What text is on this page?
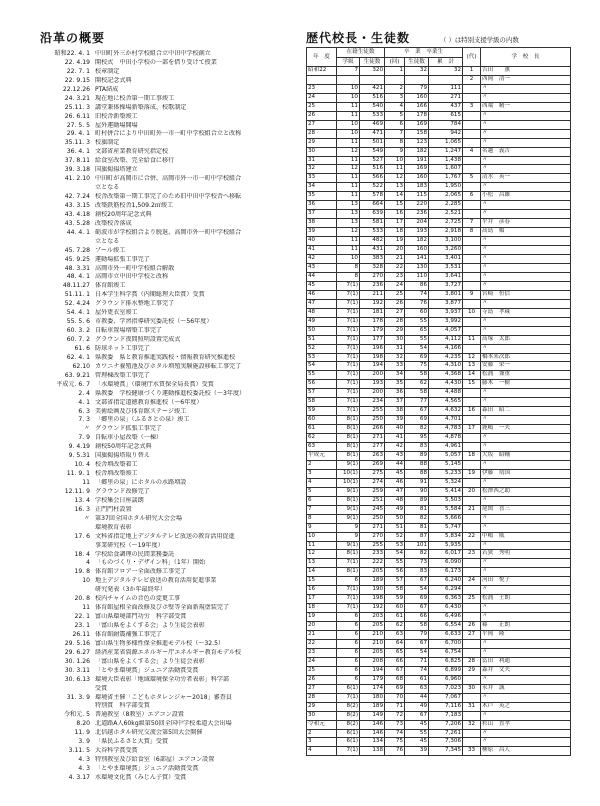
沿革の概要
昭和22. 4. 1 中田町外三か村学校組合立中田中学校創立
22. 4.19 開校式　中田小学校の一部を借り受けて授業
22. 7. 1 校章制定
22. 9.15 開校記念式典
22.12.26 PTA結成
24. 3.21 現在地に校舎第一期工事竣工
25.11. 3 講堂兼体操場新築落成、校歌制定
26. 6.11 旧校舎新築竣工
27. 5. 5 屋外運動場開場
29. 4. 1 町村併合により中田町外一市一町中学校組合立と改称
35.11. 3 校旗制定
36. 4. 1 文部省産業教育研究指定校
37. 8.11 給食室改築、完全給食に移行
39. 3.18 国旗掲揚塔建立
41. 2.10 中田町が高岡市に合併、高岡市外一市一町中学校組合
立となる
42. 7.24 校舎改築第一期工事完了のため旧中田中学校舎へ移転
43. 3.15 改築鉄筋校舎1,509.2㎡竣工
43. 4.18 創校20周年記念式典
43. 5.28 改築校舎落成
44. 4. 1 砺波市が学校組合より脱退、高岡市外一町中学校組合
立となる
45. 7.28 プール竣工
45. 9.25 運動場拡張工事完了
48. 3.31 高岡市外一町中学校組合解散
48. 4. 1 高岡市立中田中学校と改称
48.11.27 体育館竣工
51.11. 1 日本学生科学賞（内閣総理大臣賞）受賞
52. 4.24 グラウンド排水整地工事完了
54. 4. 1 屋外更衣室竣工
55. 5. 6 市教委、学習指導研究委託校（～56年度）
60. 3. 2 自転車置場増築工事完了
60. 7. 2 グラウンド夜間照明設置完成式
61. 6 防球ネット工事完了
62. 4. 1 県教委　県と教育推進実践校・情報教育研究推進校
62.10 カワニナ養殖池及びホタル増殖実験施設移転工事完了
63. 9.21 管理棟改築工事完了
平成元. 6. 7 「水環境賞」（環境庁水質保全局長賞）受賞
2. 4 県教委　学校健康づくり運動推進校委託校（～3年度）
4. 1 文部省指定道徳教育推進校（～6年度）
6. 3 美術絵画及び体育館ステージ竣工
7. 3 「郷里の泉」（ふるさとの泉）竣工
〃 グラウンド拡張工事完了
7. 9 自転車小屋改築（一棟）
9. 4.19 創校50周年記念式典
9. 5.31 国旗掲揚塔取り替え
10. 4 校舎増改築着工
11. 9. 1 校舎増改築竣工
11 「郷里の泉」にホタルの水路増設
12.11. 9 グラウンド改修完了
13. 4 学校集会日座談朗
16. 3 正門門柱設置
〃 第37回全国ホタル研究大会会場
環境教育表彰
17. 6 文科省指定地上デジタルテレビ放送の教育活用促進
事業研究校（～19年度）
18. 4 学校給食調理の民間業務委託
4 「ものづくり・デザイン科」（1年）開始
19. 8 体育館フロア一全面改修工事完了
10 地上デジタルテレビ放送の教育活用促進事業
研究発表（3か年最終年）
20. 8 校内チャイムの音色の変更工事
11 体育館屋根全面改修及びホ壁等全面新規塗装完了
22. 1 富山県環境部門功労　科学部受賞
23. 1 「富山県をよくする会」より生徒会表彰
26.11 体育館耐震補強工事完了
29. 5.16 富山県生物多様性保全推進モデル校（～32.5）
29. 6.27 経済産業省資源エネルギー庁エネルギー教育モデル校
30. 1.26 「富山県をよくする会」より生徒会表彰
30. 3.11 「とやま環境賞」ジュニア活動賞受賞
30. 6.13 環境大臣表彰「地域環境保全功労者表彰」科学部
受賞
31. 3. 9 環境省主催「こどもホタレンジャー2018」審査員
特別賞　科学部受賞
令和元. 5 普通教室（8教室）エアコン設置
8.20 北道路A人60kg級第50回全国中学校柔道大会出場
11. 9 北信越ホタル研究交流会第5回大会開催
3. 9 「県民ふるさと大賞」受賞
3.11. 5 大谷科学賞受賞
4. 3 特別教室及び給食室（6部屋）エアコン設置
4. 3 「とやま環境賞」ジュニア活動賞受賞
4. 3.17 水環境文化賞（みじん子賞）受賞
歴代校長・生徒数	（ ）は特別支援学級の内数
年　度	在籍生徒数		卒　業　卒業生			(代)	学　校　長
	学級	生徒数	(回)	生徒数	累　計		
昭和22	7	320	1	32	32	1	吉田　　薫
						2	西岡　清一
23	10	421	2	79	111		〃
24	10	516	3	160	271		〃
25	11	540	4	166	437	3	西端　精一
26	11	533	5	178	615		〃
27	10	469	6	169	784		〃
28	10	471	7	158	942		〃
29	11	501	8	123	1,065		〃
30	12	549	9	182	1,247	4	名越　義吉
31	11	527	10	191	1,438		〃
32	12	516	11	169	1,607		〃
33	11	566	12	160	1,767	5	清水　英一
34	11	522	13	183	1,950		〃
35	11	578	14	115	2,065	6	小松　昌雄
36	13	664	15	220	2,285		〃
37	13	639	16	236	2,521		〃
38	13	581	17	204	2,725	7	平井　彦春
39	12	533	18	193	2,918	8	高島　順
40	11	482	19	182	3,100		〃
41	11	431	20	160	3,260		〃
42	10	383	21	141	3,401		〃
43	8	328	22	130	3,531		〃
44	8	270	23	110	3,641		〃
45	7(1)	236	24	86	3,727		〃
46	7(1)	211	25	74	3,801	9	宮崎　恒信
47	7(1)	192	26	76	3,877		〃
48	7(1)	181	27	60	3,937	10	寺島　孝蔵
49	7(1)	178	28	55	3,992		〃
50	7(1)	179	29	65	4,057		〃
51	7(1)	177	30	55	4,112	11	高塚　太郎
52	7(1)	196	31	54	4,166		〃
53	7(1)	198	32	69	4,235	12	橋本米次郎
54	7(1)	194	33	75	4,310	13	安藤　栄一
55	7(1)	200	34	58	4,368	14	松浦　兼重
56	7(1)	193	35	62	4,430	15	藤木　一樹
57	7(1)	200	36	58	4,488		〃
58	7(1)	234	37	77	4,565		〃
59	7(1)	255	38	67	4,632	16	森田　昭二
60	8(1)	250	39	69	4,701		〃
61	8(1)	266	40	82	4,783	17	鹿嶋　一夫
62	8(1)	271	41	95	4,878		〃
63	8(1)	277	42	83	4,961		〃
平成元	8(1)	263	43	89	5,057	18	大坂　昭輔
2	9(1)	269	44	88	5,145		〃
3	10(1)	275	45	88	5,233	19	伊藤　靖国
4	10(1)	274	46	91	5,324		〃
5	9(1)	259	47	90	5,414	20	松澤西之助
6	8(1)	251	48	89	5,503		〃
7	9(1)	245	49	81	5,584	21	尾関　喜三
8	9(1)	250	50	82	5,666		〃
9	9	271	51	81	5,747		〃
10	9	270	52	87	5,834	22	中嶋　威
11	9(1)	255	53	101	5,935		〃
12	8(1)	233	54	82	6,017	23	若狭　秀明
13	7(1)	222	55	73	6,090		〃
14	8(1)	205	56	83	6,173		〃
15	6	189	57	67	6,240	24	河田　悦子
16	7(1)	190	58	54	6,294		〃
17	7(1)	198	59	69	6,363	25	松浦　士朗
18	7(1)	192	60	67	6,430		〃
19	6	203	61	66	6,496		〃
20	6	205	62	58	6,554	26	篠　　正朗
21	6	210	63	79	6,633	27	平岡　隆
22	6	210	64	67	6,700		〃
23	6	205	65	54	6,754		〃
24	6	208	66	71	6,825	28	冨田　利通
25	6	194	67	74	6,899	29	森井　文夫
26	6	179	68	61	6,960		〃
27	6(1)	174	69	63	7,023	30	永井　誠
28	7(1)	180	70	44	7,067		〃
29	8(2)	189	71	49	7,116	31	木戸　英之
30	8(2)	149	72	67	7,183		〃
令和元	8(2)	146	73	45	7,206	32	杉山　直孝
2	6(1)	146	74	55	7,261		〃
3	6(1)	134	75	45	7,306		〃
4	7(1)	138	76	39	7,345	33	柳原　昌人
